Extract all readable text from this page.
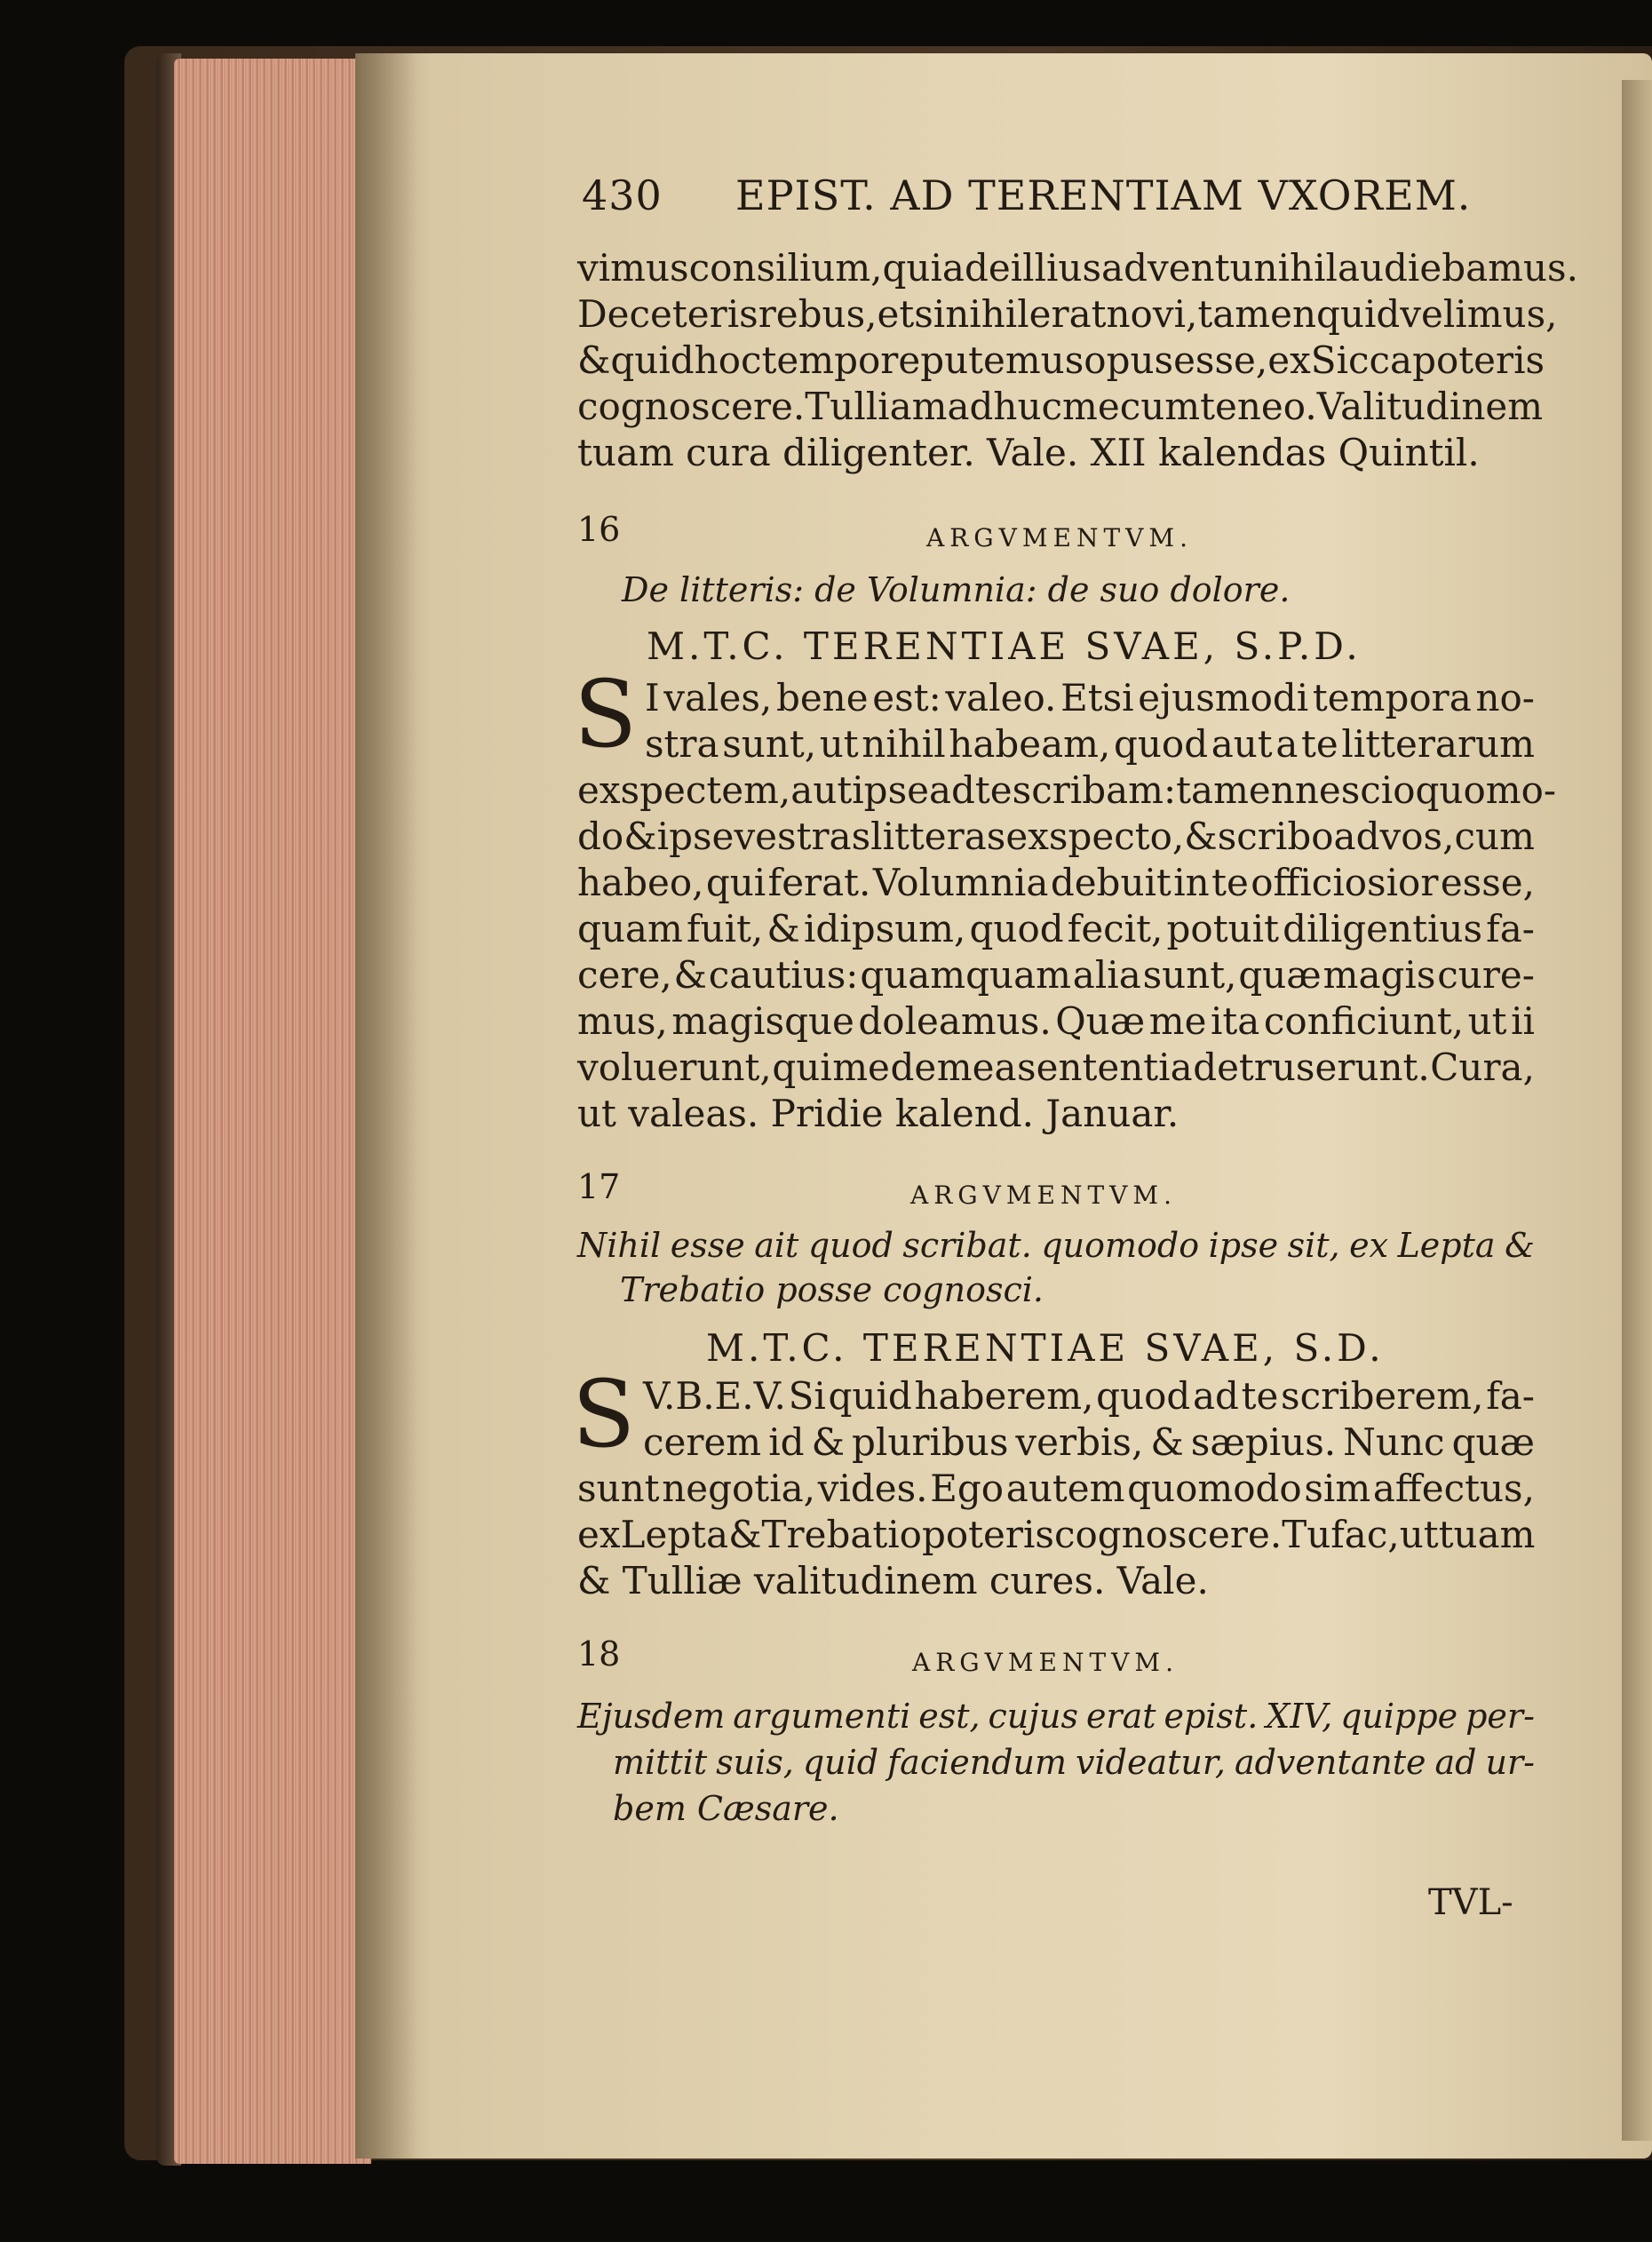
430 EPIST. AD TERENTIAM VXOREM.
vimus consilium, quia de illius adventu nihil audiebamus.
De ceteris rebus, etsi nihil erat novi, tamen quid velimus,
& quid hoc tempore putemus opus esse, ex Sicca poteris
cognoscere. Tulliam adhuc mecum teneo. Valitudinem
tuam cura diligenter. Vale. XII kalendas Quintil.
16	ARGVMENTVM.
De litteris: de Volumnia: de suo dolore.
M.T.C. TERENTIAE SVAE, S.P.D.
S I vales, bene est: valeo. Etsi ejusmodi tempora no-
stra sunt, ut nihil habeam, quod aut a te litterarum
exspectem, aut ipse ad te scribam: tamen nescio quomo-
do & ipse vestras litteras exspecto, & scribo ad vos, cum
habeo, qui ferat. Volumnia debuit in te officiosior esse,
quam fuit, & idipsum, quod fecit, potuit diligentius fa-
cere, & cautius: quamquam alia sunt, quæ magis cure-
mus, magisque doleamus. Quæ me ita conficiunt, ut ii
voluerunt, qui me de mea sententia detruserunt. Cura,
ut valeas. Pridie kalend. Januar.
17	ARGVMENTVM.
Nihil esse ait quod scribat. quomodo ipse sit, ex Lepta &
Trebatio posse cognosci.
M.T.C. TERENTIAE SVAE, S.D.
S V.B.E.V. Si quid haberem, quod ad te scriberem, fa-
cerem id & pluribus verbis, & sæpius. Nunc quæ
sunt negotia, vides. Ego autem quomodo sim affectus,
ex Lepta & Trebatio poteris cognoscere. Tu fac, ut tuam
& Tulliæ valitudinem cures. Vale.
18	ARGVMENTVM.
Ejusdem argumenti est, cujus erat epist. XIV, quippe per-
mittit suis, quid faciendum videatur, adventante ad ur-
bem Cæsare.
TVL-
